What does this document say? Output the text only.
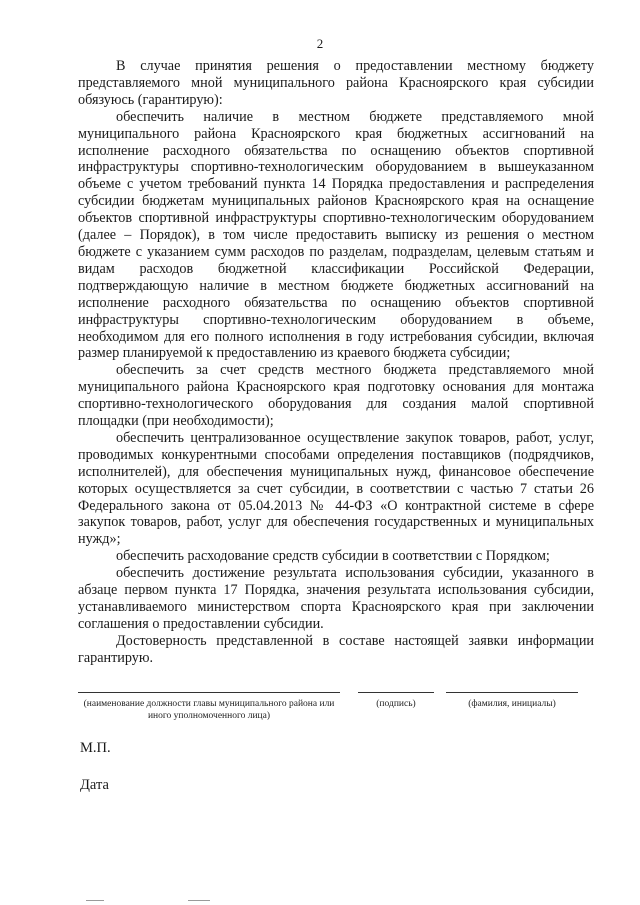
2

В случае принятия решения о предоставлении местному бюджету представляемого мной муниципального района Красноярского края субсидии обязуюсь (гарантирую):

обеспечить наличие в местном бюджете представляемого мной муниципального района Красноярского края бюджетных ассигнований на исполнение расходного обязательства по оснащению объектов спортивной инфраструктуры спортивно-технологическим оборудованием в вышеуказанном объеме с учетом требований пункта 14 Порядка предоставления и распределения субсидии бюджетам муниципальных районов Красноярского края на оснащение объектов спортивной инфраструктуры спортивно-технологическим оборудованием (далее – Порядок), в том числе предоставить выписку из решения о местном бюджете с указанием сумм расходов по разделам, подразделам, целевым статьям и видам расходов бюджетной классификации Российской Федерации, подтверждающую наличие в местном бюджете бюджетных ассигнований на исполнение расходного обязательства по оснащению объектов спортивной инфраструктуры спортивно-технологическим оборудованием в объеме, необходимом для его полного исполнения в году истребования субсидии, включая размер планируемой к предоставлению из краевого бюджета субсидии;

обеспечить за счет средств местного бюджета представляемого мной муниципального района Красноярского края подготовку основания для монтажа спортивно-технологического оборудования для создания малой спортивной площадки (при необходимости);

обеспечить централизованное осуществление закупок товаров, работ, услуг, проводимых конкурентными способами определения поставщиков (подрядчиков, исполнителей), для обеспечения муниципальных нужд, финансовое обеспечение которых осуществляется за счет субсидии, в соответствии с частью 7 статьи 26 Федерального закона от 05.04.2013 № 44-ФЗ «О контрактной системе в сфере закупок товаров, работ, услуг для обеспечения государственных и муниципальных нужд»;

обеспечить расходование средств субсидии в соответствии с Порядком;

обеспечить достижение результата использования субсидии, указанного в абзаце первом пункта 17 Порядка, значения результата использования субсидии, устанавливаемого министерством спорта Красноярского края при заключении соглашения о предоставлении субсидии.

Достоверность представленной в составе настоящей заявки информации гарантирую.

(наименование должности главы муниципального района или иного уполномоченного лица)
(подпись)	(фамилия, инициалы)
М.П.
Дата
